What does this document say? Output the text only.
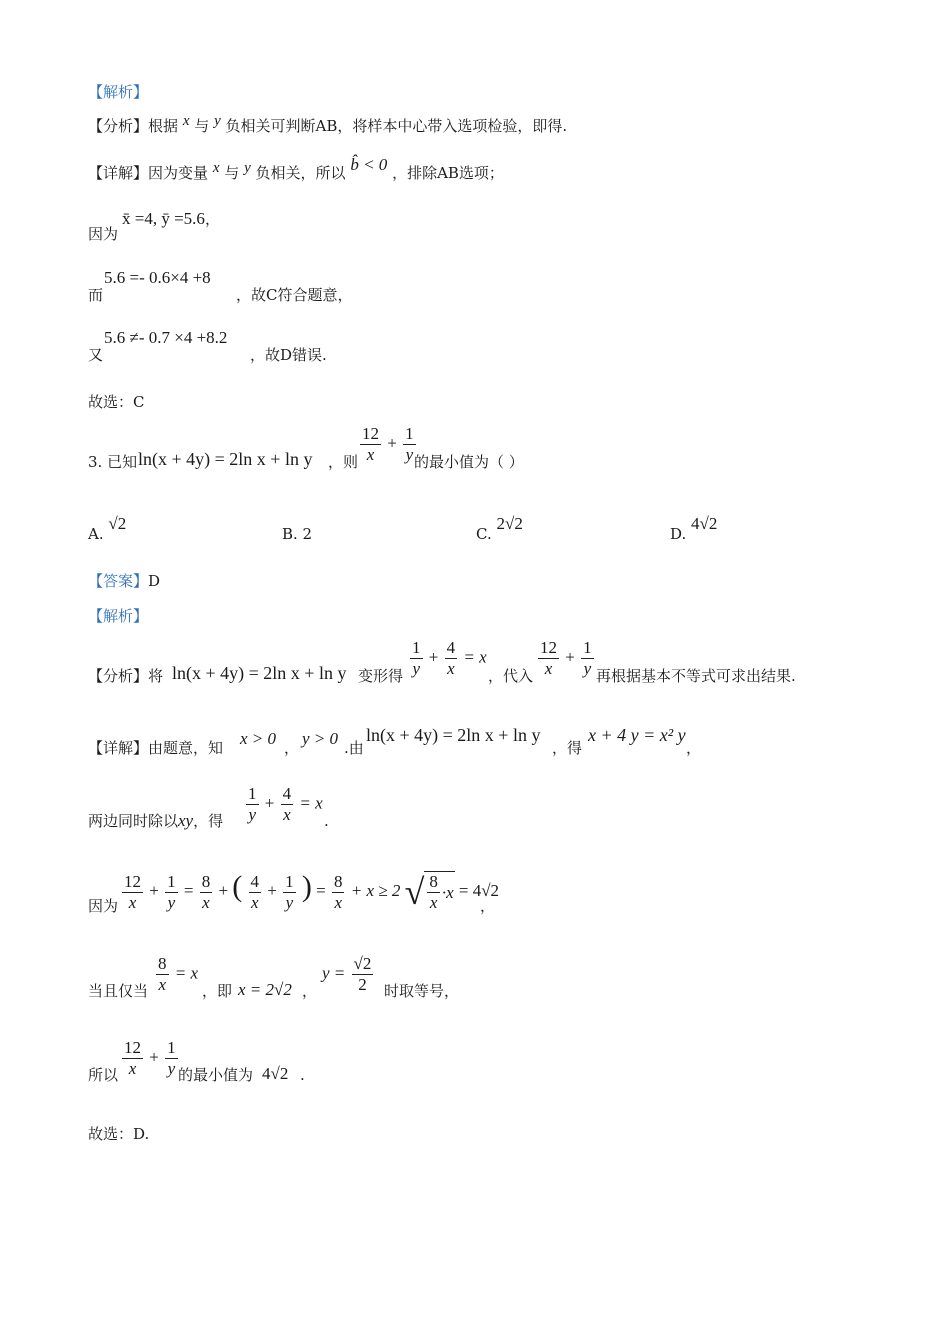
【解析】
【分析】根据 x 与 y 负相关可判断AB，将样本中心带入选项检验，即得.
【详解】因为变量 x 与 y 负相关，所以 b̂ < 0 ，排除AB选项；
因为
x̄ =4, ȳ =5.6，
而
5.6 =- 0.6×4 +8
，故C符合题意，
又
5.6 ≠- 0.7 ×4 +8.2
，故D错误.
故选：C
3. 已知 ln(x + 4y) = 2ln x + ln y ，则 $\frac{12}{x} + \frac{1}{y}$
的最小值为（ ）
A. √2
B. 2	C. 2√2
D. 4√2
【答案】D
【解析】
【分析】将 ln(x + 4y) = 2ln x + ln y 变形得 $\frac{1}{y} + \frac{4}{x} = x$
，代入 $\frac{12}{x} + \frac{1}{y}$ 再根据基本不等式可求出结果.
【详解】由题意，知 x > 0 ， y > 0 .由
ln(x + 4y) = 2ln x + ln y
，得
x + 4 y = x² y
，
两边同时除以xy，得 $\frac{1}{y} + \frac{4}{x} = x$
.
因为 $\frac{12}{x} + \frac{1}{y} = \frac{8}{x}$ + ( $\frac{4}{x} + \frac{1}{y}$ ) = $\frac{8}{x} + x \ge 2$ √ $\frac{8}{x} \cdot x = 4√2$
，
当且仅当 $\frac{8}{x} = x$
，即 x = 2√2 ，
$y = \frac{√2}{2}$ 时取等号，
所以 $\frac{12}{x} + \frac{1}{y}$ 的最小值为 4√2 .
故选：D.
